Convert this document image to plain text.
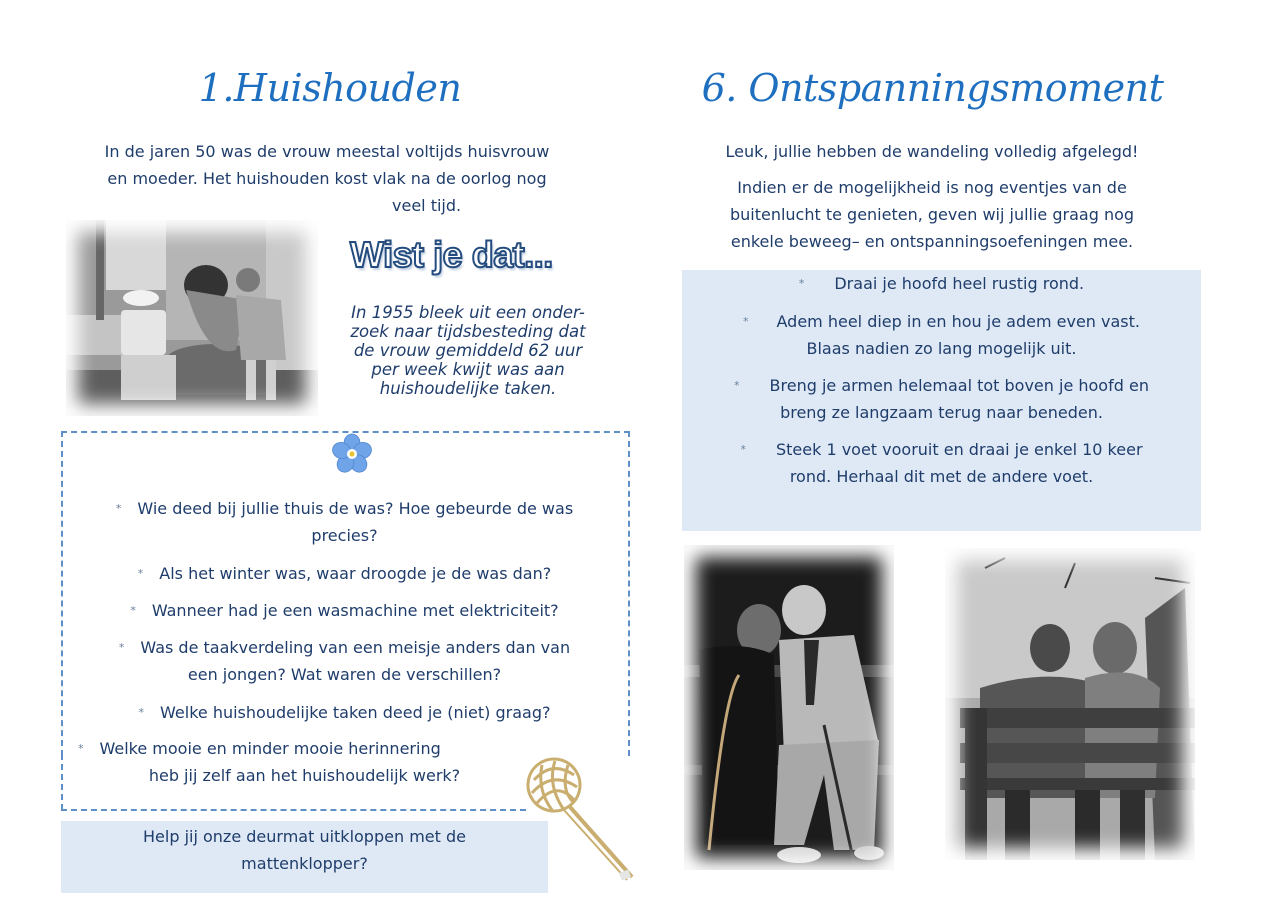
1.Huishouden
In de jaren 50 was de vrouw meestal voltijds huisvrouw
en moeder. Het huishouden kost vlak na de oorlog nog
veel tijd.
Wist je dat...
In 1955 bleek uit een onder-
zoek naar tijdsbesteding dat
de vrouw gemiddeld 62 uur
per week kwijt was aan
huishoudelijke taken.
* Wie deed bij jullie thuis de was? Hoe gebeurde de was
precies?
* Als het winter was, waar droogde je de was dan?
* Wanneer had je een wasmachine met elektriciteit?
* Was de taakverdeling van een meisje anders dan van
een jongen? Wat waren de verschillen?
* Welke huishoudelijke taken deed je (niet) graag?
* Welke mooie en minder mooie herinnering
heb jij zelf aan het huishoudelijk werk?
Help jij onze deurmat uitkloppen met de
mattenklopper?
6. Ontspanningsmoment
Leuk, jullie hebben de wandeling volledig afgelegd!
Indien er de mogelijkheid is nog eventjes van de
buitenlucht te genieten, geven wij jullie graag nog
enkele beweeg– en ontspanningsoefeningen mee.
* Draai je hoofd heel rustig rond.
* Adem heel diep in en hou je adem even vast.
Blaas nadien zo lang mogelijk uit.
* Breng je armen helemaal tot boven je hoofd en
breng ze langzaam terug naar beneden.
* Steek 1 voet vooruit en draai je enkel 10 keer
rond. Herhaal dit met de andere voet.
